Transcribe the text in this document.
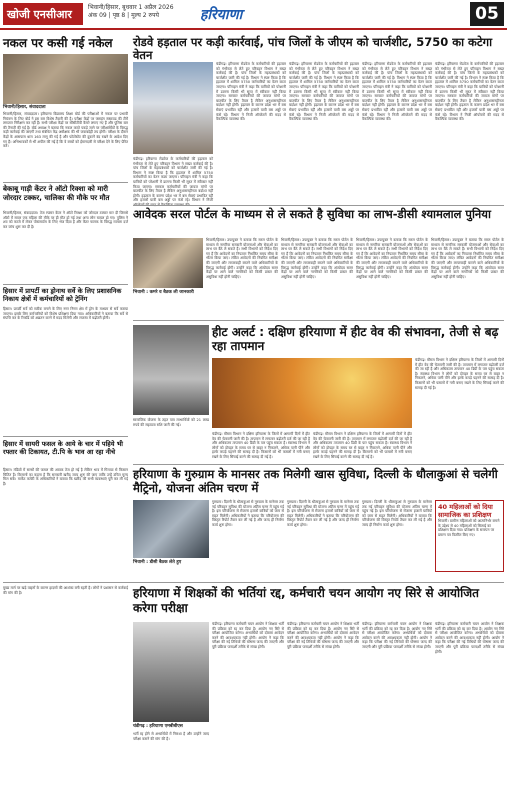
खोजी एनसीआर
भिवानी/हिसार, बुधवार 1 अप्रैल 2026
अंक 09 | पृष्ठ 8 | मूल्य 2 रुपये	हरियाणा	05
नकल पर कसी गई नकेल
भिवानी/हिसार, संवाददाता
भिवानी/हिसार, संवाददाता। हरियाणा विद्यालय शिक्षा बोर्ड की परीक्षाओं में नकल पर प्रभावी नियंत्रण के लिए बोर्ड ने इस बार विशेष तैयारी की है। परीक्षा केंद्रों पर फ्लाइंग स्क्वायड की टीमें लगातार निरीक्षण कर रही हैं। सभी परीक्षा केंद्रों पर सीसीटीवी कैमरे लगाए गए हैं और पुलिस बल की तैनाती की गई है। बोर्ड अध्यक्ष ने बताया कि नकल करते पकड़े जाने पर परीक्षार्थियों के विरुद्ध कड़ी कार्रवाई की जाएगी तथा संबंधित केंद्र अधीक्षक की भी जवाबदेही तय होगी। परीक्षा के दौरान केंद्रों के आसपास धारा 163 लागू की गई है और फोटोस्टेट की दुकानें बंद रखने के आदेश दिए गए हैं। अभिभावकों से भी अपील की गई है कि वे बच्चों को ईमानदारी से परीक्षा देने के लिए प्रेरित करें।
रोडवे हड़ताल पर कड़ी कार्रवाई, पांच जिलों के जीएम को चार्जशीट, 5750 का कटेगा वेतन
चंडीगढ़। हरियाणा रोडवेज के कर्मचारियों की हड़ताल को गंभीरता से लेते हुए परिवहन विभाग ने सख्त कार्रवाई की है। पांच जिलों के महाप्रबंधकों को चार्जशीट जारी की गई है। विभाग ने स्पष्ट किया है कि हड़ताल में शामिल 5750 कर्मचारियों का वेतन काटा जाएगा। परिवहन मंत्री ने कहा कि यात्रियों को परेशानी में डालना किसी भी सूरत में स्वीकार नहीं किया जाएगा। सरकार कर्मचारियों की जायज मांगों पर बातचीत के लिए तैयार है लेकिन अनुशासनहीनता बर्दाश्त नहीं होगी। हड़ताल के कारण प्रदेश भर में बस सेवाएं प्रभावित रहीं और हजारों यात्री बस अड्डों पर फंसे रहे। विभाग ने निजी ऑपरेटरों की मदद से वैकल्पिक व्यवस्था की।
चंडीगढ़। हरियाणा रोडवेज के कर्मचारियों की हड़ताल को गंभीरता से लेते हुए परिवहन विभाग ने सख्त कार्रवाई की है। पांच जिलों के महाप्रबंधकों को चार्जशीट जारी की गई है। विभाग ने स्पष्ट किया है कि हड़ताल में शामिल 5750 कर्मचारियों का वेतन काटा जाएगा। परिवहन मंत्री ने कहा कि यात्रियों को परेशानी में डालना किसी भी सूरत में स्वीकार नहीं किया जाएगा। सरकार कर्मचारियों की जायज मांगों पर बातचीत के लिए तैयार है लेकिन अनुशासनहीनता बर्दाश्त नहीं होगी। हड़ताल के कारण प्रदेश भर में बस सेवाएं प्रभावित रहीं और हजारों यात्री बस अड्डों पर फंसे रहे। विभाग ने निजी ऑपरेटरों की मदद से वैकल्पिक व्यवस्था की।
चंडीगढ़। हरियाणा रोडवेज के कर्मचारियों की हड़ताल को गंभीरता से लेते हुए परिवहन विभाग ने सख्त कार्रवाई की है। पांच जिलों के महाप्रबंधकों को चार्जशीट जारी की गई है। विभाग ने स्पष्ट किया है कि हड़ताल में शामिल 5750 कर्मचारियों का वेतन काटा जाएगा। परिवहन मंत्री ने कहा कि यात्रियों को परेशानी में डालना किसी भी सूरत में स्वीकार नहीं किया जाएगा। सरकार कर्मचारियों की जायज मांगों पर बातचीत के लिए तैयार है लेकिन अनुशासनहीनता बर्दाश्त नहीं होगी। हड़ताल के कारण प्रदेश भर में बस सेवाएं प्रभावित रहीं और हजारों यात्री बस अड्डों पर फंसे रहे। विभाग ने निजी ऑपरेटरों की मदद से वैकल्पिक व्यवस्था की।
चंडीगढ़। हरियाणा रोडवेज के कर्मचारियों की हड़ताल को गंभीरता से लेते हुए परिवहन विभाग ने सख्त कार्रवाई की है। पांच जिलों के महाप्रबंधकों को चार्जशीट जारी की गई है। विभाग ने स्पष्ट किया है कि हड़ताल में शामिल 5750 कर्मचारियों का वेतन काटा जाएगा। परिवहन मंत्री ने कहा कि यात्रियों को परेशानी में डालना किसी भी सूरत में स्वीकार नहीं किया जाएगा। सरकार कर्मचारियों की जायज मांगों पर बातचीत के लिए तैयार है लेकिन अनुशासनहीनता बर्दाश्त नहीं होगी। हड़ताल के कारण प्रदेश भर में बस सेवाएं प्रभावित रहीं और हजारों यात्री बस अड्डों पर फंसे रहे। विभाग ने निजी ऑपरेटरों की मदद से वैकल्पिक व्यवस्था की।
चंडीगढ़। हरियाणा रोडवेज के कर्मचारियों की हड़ताल को गंभीरता से लेते हुए परिवहन विभाग ने सख्त कार्रवाई की है। पांच जिलों के महाप्रबंधकों को चार्जशीट जारी की गई है। विभाग ने स्पष्ट किया है कि हड़ताल में शामिल 5750 कर्मचारियों का वेतन काटा जाएगा। परिवहन मंत्री ने कहा कि यात्रियों को परेशानी में डालना किसी भी सूरत में स्वीकार नहीं किया जाएगा। सरकार कर्मचारियों की जायज मांगों पर बातचीत के लिए तैयार है लेकिन अनुशासनहीनता बर्दाश्त नहीं होगी। हड़ताल के कारण प्रदेश भर में बस सेवाएं प्रभावित रहीं और हजारों यात्री बस अड्डों पर फंसे रहे। विभाग ने निजी
बेकाबू गाड़ी केंटर ने ऑटो रिक्शा को मारी जोरदार टक्कर, चालिका की मौके पर मौत
भिवानी/हिसार, संवाददाता। तेज रफ्तार केंटर ने ऑटो रिक्शा को जोरदार टक्कर मार दी जिससे ऑटो में सवार एक महिला की मौके पर ही मौत हो गई तथा अन्य लोग घायल हो गए। पुलिस ने शव को कब्जे में लेकर पोस्टमार्टम के लिए भेज दिया है और केंटर चालक के विरुद्ध मामला दर्ज कर जांच शुरू कर दी है।
आवेदक सरल पोर्टल के माध्यम से ले सकते है सुविधा का लाभ-डीसी श्यामलाल पुनिया
भिवानी : कमरे व बैठक ली जानकारी
भिवानी/हिसार। उपायुक्त ने बताया कि सरल पोर्टल के माध्यम से नागरिक सरकारी योजनाओं और सेवाओं का लाभ घर बैठे ले सकते हैं। सभी विभागों को निर्देश दिए गए हैं कि आवेदनों का निपटारा निर्धारित समय सीमा के भीतर किया जाए। लंबित आवेदनों की नियमित समीक्षा की जाएगी और लापरवाही बरतने वाले अधिकारियों के विरुद्ध कार्रवाई होगी। उन्होंने कहा कि अंत्योदय सरल केंद्रों पर आने वाले नागरिकों को किसी प्रकार की असुविधा नहीं होनी चाहिए।
भिवानी/हिसार। उपायुक्त ने बताया कि सरल पोर्टल के माध्यम से नागरिक सरकारी योजनाओं और सेवाओं का लाभ घर बैठे ले सकते हैं। सभी विभागों को निर्देश दिए गए हैं कि आवेदनों का निपटारा निर्धारित समय सीमा के भीतर किया जाए। लंबित आवेदनों की नियमित समीक्षा की जाएगी और लापरवाही बरतने वाले अधिकारियों के विरुद्ध कार्रवाई होगी। उन्होंने कहा कि अंत्योदय सरल केंद्रों पर आने वाले नागरिकों को किसी प्रकार की असुविधा नहीं होनी चाहिए।
भिवानी/हिसार। उपायुक्त ने बताया कि सरल पोर्टल के माध्यम से नागरिक सरकारी योजनाओं और सेवाओं का लाभ घर बैठे ले सकते हैं। सभी विभागों को निर्देश दिए गए हैं कि आवेदनों का निपटारा निर्धारित समय सीमा के भीतर किया जाए। लंबित आवेदनों की नियमित समीक्षा की जाएगी और लापरवाही बरतने वाले अधिकारियों के विरुद्ध कार्रवाई होगी। उन्होंने कहा कि अंत्योदय सरल केंद्रों पर आने वाले नागरिकों को किसी प्रकार की असुविधा नहीं होनी चाहिए।
भिवानी/हिसार। उपायुक्त ने बताया कि सरल पोर्टल के माध्यम से नागरिक सरकारी योजनाओं और सेवाओं का लाभ घर बैठे ले सकते हैं। सभी विभागों को निर्देश दिए गए हैं कि आवेदनों का निपटारा निर्धारित समय सीमा के भीतर किया जाए। लंबित आवेदनों की नियमित समीक्षा की जाएगी और लापरवाही बरतने वाले अधिकारियों के विरुद्ध कार्रवाई होगी। उन्होंने कहा कि अंत्योदय सरल केंद्रों पर आने वाले नागरिकों को किसी प्रकार की असुविधा नहीं होनी चाहिए।
हिसार में प्रापर्टी का ड्रोनाथ सर्वे के लिए प्रशासनिक निकाय क्षेत्रों में कर्मचारियों को ट्रेनिंग
हिसार। प्रापर्टी सर्वे को सटीक बनाने के लिए नगर निगम क्षेत्र में ड्रोन के माध्यम से सर्वे कराया जाएगा। इसके लिए कर्मचारियों को विशेष प्रशिक्षण दिया गया। अधिकारियों ने बताया कि सर्वे से संपत्ति कर के रिकॉर्ड को अद्यतन करने में मदद मिलेगी और राजस्व में बढ़ोतरी होगी।
हीट अलर्ट : दक्षिण हरियाणा में हीट वेव की संभावना, तेजी से बढ़ रहा तापमान
सामाजिक योजना के तहत पात्र लाभार्थियों को 21 लाख रुपये की सहायता राशि जारी की गई।
चंडीगढ़। मौसम विभाग ने दक्षिण हरियाणा के जिलों में आगामी दिनों में हीट वेव की चेतावनी जारी की है। तापमान में लगातार बढ़ोतरी दर्ज की जा रही है और अधिकतम तापमान 40 डिग्री के पार पहुंच सकता है। स्वास्थ्य विभाग ने लोगों को दोपहर के समय घर से बाहर न निकलने, अधिक पानी पीने और हल्के कपड़े पहनने की सलाह दी है। किसानों को भी फसलों में नमी बनाए रखने के लिए सिंचाई करने की सलाह दी गई है।
चंडीगढ़। मौसम विभाग ने दक्षिण हरियाणा के जिलों में आगामी दिनों में हीट वेव की चेतावनी जारी की है। तापमान में लगातार बढ़ोतरी दर्ज की जा रही है और अधिकतम तापमान 40 डिग्री के पार पहुंच सकता है। स्वास्थ्य विभाग ने लोगों को दोपहर के समय घर से बाहर न निकलने, अधिक पानी पीने और हल्के कपड़े पहनने की सलाह दी है। किसानों को भी फसलों में नमी बनाए रखने के लिए सिंचाई करने की सलाह दी गई है।
चंडीगढ़। मौसम विभाग ने दक्षिण हरियाणा के जिलों में आगामी दिनों में हीट वेव की चेतावनी जारी की है। तापमान में लगातार बढ़ोतरी दर्ज की जा रही है और अधिकतम तापमान 40 डिग्री के पार पहुंच सकता है। स्वास्थ्य विभाग ने लोगों को दोपहर के समय घर से बाहर न निकलने, अधिक पानी पीने और हल्के कपड़े पहनने की सलाह दी है। किसानों को भी फसलों में नमी बनाए रखने के लिए सिंचाई करने की सलाह दी गई है।
हरियाणा के गुरुग्राम के मानसर तक मिलेगी खास सुविधा, दिल्ली के धौलाकुआं से चलेगी मैट्रिनो, योजना अंतिम चरण में
भिवानी : डीसी बैठक लेते हुए
गुरुग्राम। दिल्ली के धौलाकुआं से गुरुग्राम के मानेसर तक नई परिवहन सुविधा की योजना अंतिम चरण में पहुंच गई है। इस परियोजना से रोजाना हजारों यात्रियों को जाम से राहत मिलेगी। अधिकारियों ने बताया कि परियोजना की विस्तृत रिपोर्ट तैयार कर ली गई है और जल्द ही निर्माण कार्य शुरू होगा।
गुरुग्राम। दिल्ली के धौलाकुआं से गुरुग्राम के मानेसर तक नई परिवहन सुविधा की योजना अंतिम चरण में पहुंच गई है। इस परियोजना से रोजाना हजारों यात्रियों को जाम से राहत मिलेगी। अधिकारियों ने बताया कि परियोजना की विस्तृत रिपोर्ट तैयार कर ली गई है और जल्द ही निर्माण कार्य शुरू होगा।
गुरुग्राम। दिल्ली के धौलाकुआं से गुरुग्राम के मानेसर तक नई परिवहन सुविधा की योजना अंतिम चरण में पहुंच गई है। इस परियोजना से रोजाना हजारों यात्रियों को जाम से राहत मिलेगी। अधिकारियों ने बताया कि परियोजना की विस्तृत रिपोर्ट तैयार कर ली गई है और जल्द ही निर्माण कार्य शुरू होगा।
40 महिलाओं को दिया सामाजिक का प्रशिक्षण
भिवानी। ग्रामीण महिलाओं को आत्मनिर्भर बनाने के उद्देश्य से 40 महिलाओं को सिलाई का प्रशिक्षण दिया गया। प्रशिक्षण के समापन पर प्रमाण पत्र वितरित किए गए।
हिसार में सायरी फसल के आये के चार में पहिये भी रफ्तार की टिकायत, टी.पि के भाव आ रहा नीचे
हिसार। मंडियों में सरसों की फसल की आवक तेज हो गई है लेकिन भाव में गिरावट से किसान चिंतित हैं। किसानों का कहना है कि सरकारी खरीद जल्द शुरू की जाए ताकि उन्हें उचित मूल्य मिल सके। मार्केट कमेटी के अधिकारियों ने बताया कि खरीद की सभी व्यवस्थाएं पूरी कर ली गई हैं।
हरियाणा में शिक्षकों की भर्तियां रद्द, कर्मचारी चयन आयोग नए सिरे से आयोजित करेगा परीक्षा
मुख्य मार्ग पर खड़े वाहनों के कारण हादसों की आशंका बनी रहती है। लोगों ने प्रशासन से कार्रवाई की मांग की है।
चंडीगढ़ : हरियाणा एमबीबीएस
भर्ती रद्द होने से अभ्यर्थियों में निराशा है और उन्होंने जल्द परीक्षा कराने की मांग की है।
चंडीगढ़। हरियाणा कर्मचारी चयन आयोग ने शिक्षक भर्ती की प्रक्रिया को रद्द कर दिया है। आयोग नए सिरे से परीक्षा आयोजित करेगा। अभ्यर्थियों को दोबारा आवेदन करने की आवश्यकता नहीं होगी। आयोग ने कहा कि परीक्षा की नई तिथियों की घोषणा जल्द की जाएगी और पूरी प्रक्रिया पारदर्शी तरीके से संपन्न होगी।
चंडीगढ़। हरियाणा कर्मचारी चयन आयोग ने शिक्षक भर्ती की प्रक्रिया को रद्द कर दिया है। आयोग नए सिरे से परीक्षा आयोजित करेगा। अभ्यर्थियों को दोबारा आवेदन करने की आवश्यकता नहीं होगी। आयोग ने कहा कि परीक्षा की नई तिथियों की घोषणा जल्द की जाएगी और पूरी प्रक्रिया पारदर्शी तरीके से संपन्न होगी।
चंडीगढ़। हरियाणा कर्मचारी चयन आयोग ने शिक्षक भर्ती की प्रक्रिया को रद्द कर दिया है। आयोग नए सिरे से परीक्षा आयोजित करेगा। अभ्यर्थियों को दोबारा आवेदन करने की आवश्यकता नहीं होगी। आयोग ने कहा कि परीक्षा की नई तिथियों की घोषणा जल्द की जाएगी और पूरी प्रक्रिया पारदर्शी तरीके से संपन्न होगी।
चंडीगढ़। हरियाणा कर्मचारी चयन आयोग ने शिक्षक भर्ती की प्रक्रिया को रद्द कर दिया है। आयोग नए सिरे से परीक्षा आयोजित करेगा। अभ्यर्थियों को दोबारा आवेदन करने की आवश्यकता नहीं होगी। आयोग ने कहा कि परीक्षा की नई तिथियों की घोषणा जल्द की जाएगी और पूरी प्रक्रिया पारदर्शी तरीके से संपन्न होगी।
